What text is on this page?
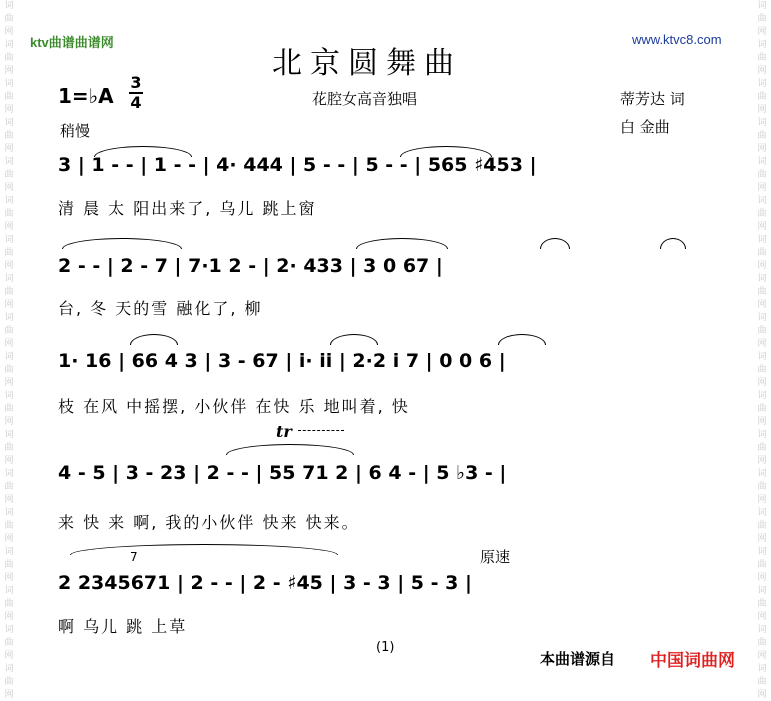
词
曲
网
词
曲
网
词
曲
网
词
曲
网
词
曲
网
词
曲
网
词
曲
网
词
曲
网
词
曲
网
词
曲
网
词
曲
网
词
曲
网
词
曲
网
词
曲
网
词
曲
网
词
曲
网
词
曲
网
词
曲
网
词
曲
网
词
曲
网
词
曲
网
词
曲
网
词
曲
网
词
曲
网
词
曲
网
词
曲
网
词
曲
网
词
曲
网
词
曲
网
词
曲
网
词
曲
网
词
曲
网
词
曲
网
词
曲
网
词
曲
网
词
曲
网
ktv曲谱曲谱网	www.ktvc8.com
北京圆舞曲
1=♭A
3
4	花腔女高音独唱	蒂芳达 词
白 金曲
稍慢
3 | 1 - - | 1 - - | 4· 444 | 5 - - | 5 - - | 565 ♯453 |
清 晨 太 阳出来了, 乌儿 跳上窗
2 - - | 2 - 7 | 7·1 2 - | 2· 433 | 3 0 67 |
台, 冬 天的雪 融化了, 柳
1· 16 | 66 4 3 | 3 - 67 | i· ii | 2·2 i 7 | 0 0 6 |
枝 在风 中摇摆, 小伙伴 在快 乐 地叫着, 快
tr
4 - 5 | 3 - 23 | 2 - - | 55 71 2 | 6 4 - | 5 ♭3 - |
来 快 来 啊, 我的小伙伴 快来 快来。
7	原速
2 2345671 | 2 - - | 2 - ♯45 | 3 - 3 | 5 - 3 |
啊 乌儿 跳 上草
(1)
本曲谱源自 中国词曲网
